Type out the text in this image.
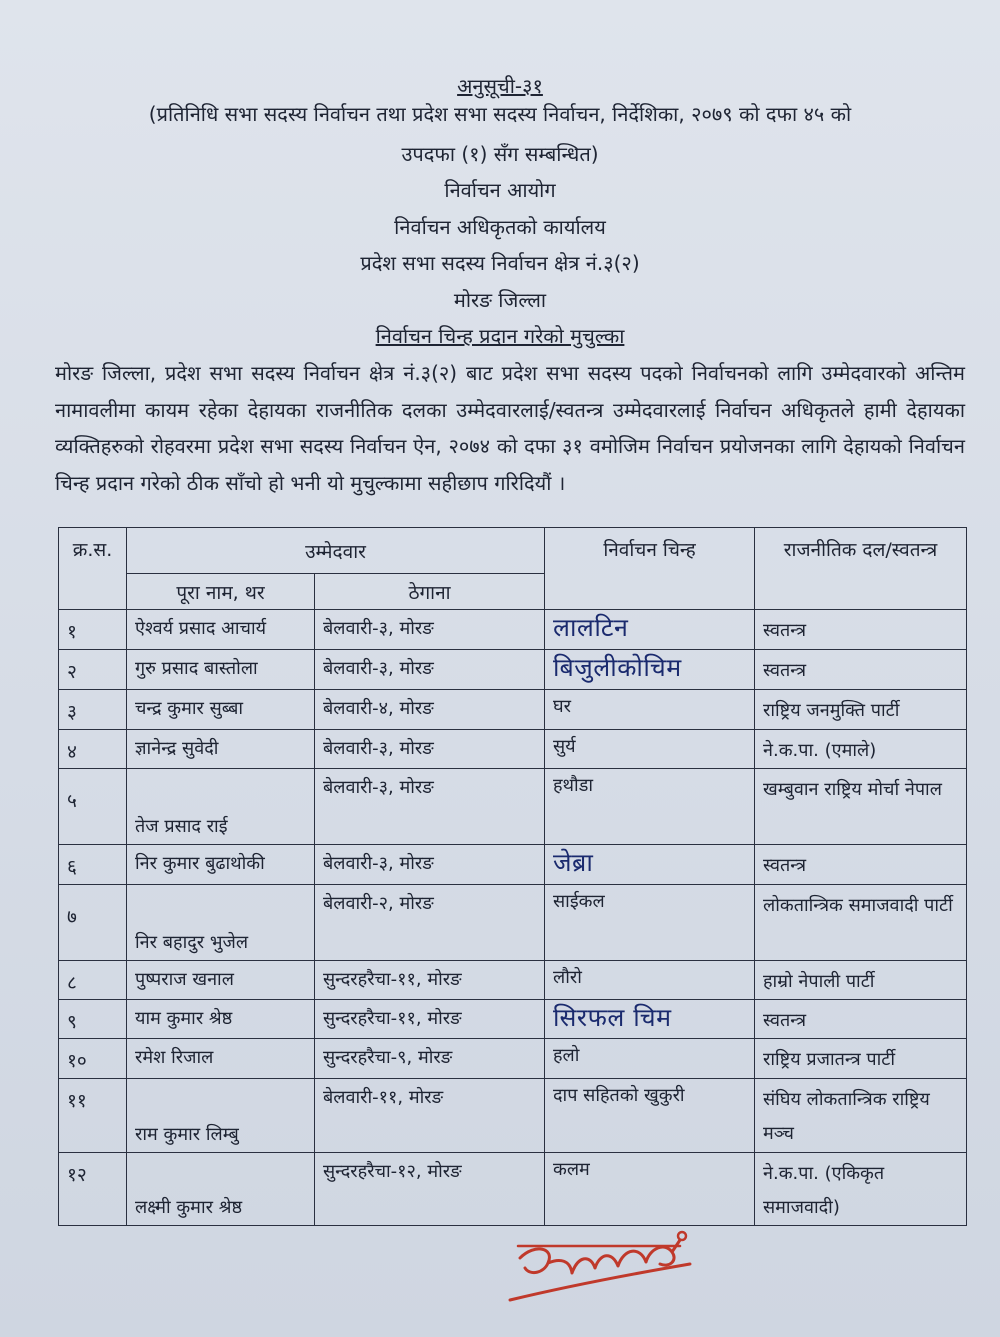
अनुसूची-३१
(प्रतिनिधि सभा सदस्य निर्वाचन तथा प्रदेश सभा सदस्य निर्वाचन, निर्देशिका, २०७९ को दफा ४५ को
उपदफा (१) सँग सम्बन्धित)
निर्वाचन आयोग
निर्वाचन अधिकृतको कार्यालय
प्रदेश सभा सदस्य निर्वाचन क्षेत्र नं.३(२)
मोरङ जिल्ला
निर्वाचन चिन्ह प्रदान गरेको मुचुल्का
मोरङ जिल्ला, प्रदेश सभा सदस्य निर्वाचन क्षेत्र नं.३(२) बाट प्रदेश सभा सदस्य पदको निर्वाचनको लागि उम्मेदवारको अन्तिम नामावलीमा कायम रहेका देहायका राजनीतिक दलका उम्मेदवारलाई/स्वतन्त्र उम्मेदवारलाई निर्वाचन अधिकृतले हामी देहायका व्यक्तिहरुको रोहवरमा प्रदेश सभा सदस्य निर्वाचन ऐन, २०७४ को दफा ३१ वमोजिम निर्वाचन प्रयोजनका लागि देहायको निर्वाचन चिन्ह प्रदान गरेको ठीक साँचो हो भनी यो मुचुल्कामा सहीछाप गरिदियौं ।
क्र.स.	उम्मेदवार		निर्वाचन चिन्ह	राजनीतिक दल/स्वतन्त्र
	पूरा नाम, थर	ठेगाना		
१	ऐश्वर्य प्रसाद आचार्य	बेलवारी-३, मोरङ	लालटिन	स्वतन्त्र
२	गुरु प्रसाद बास्तोला	बेलवारी-३, मोरङ	बिजुलीकोचिम	स्वतन्त्र
३	चन्द्र कुमार सुब्बा	बेलवारी-४, मोरङ	घर	राष्ट्रिय जनमुक्ति पार्टी
४	ज्ञानेन्द्र सुवेदी	बेलवारी-३, मोरङ	सुर्य	ने.क.पा. (एमाले)
५	तेज प्रसाद राई	बेलवारी-३, मोरङ	हथौडा	खम्बुवान राष्ट्रिय मोर्चा नेपाल
६	निर कुमार बुढाथोकी	बेलवारी-३, मोरङ	जेब्रा	स्वतन्त्र
७	निर बहादुर भुजेल	बेलवारी-२, मोरङ	साईकल	लोकतान्त्रिक समाजवादी पार्टी
८	पुष्पराज खनाल	सुन्दरहरैचा-११, मोरङ	लौरो	हाम्रो नेपाली पार्टी
९	याम कुमार श्रेष्ठ	सुन्दरहरैचा-११, मोरङ	सिरफल चिम	स्वतन्त्र
१०	रमेश रिजाल	सुन्दरहरैचा-९, मोरङ	हलो	राष्ट्रिय प्रजातन्त्र पार्टी
११	राम कुमार लिम्बु	बेलवारी-११, मोरङ	दाप सहितको खुकुरी	संघिय लोकतान्त्रिक राष्ट्रिय मञ्च
१२	लक्ष्मी कुमार श्रेष्ठ	सुन्दरहरैचा-१२, मोरङ	कलम	ने.क.पा. (एकिकृत समाजवादी)
